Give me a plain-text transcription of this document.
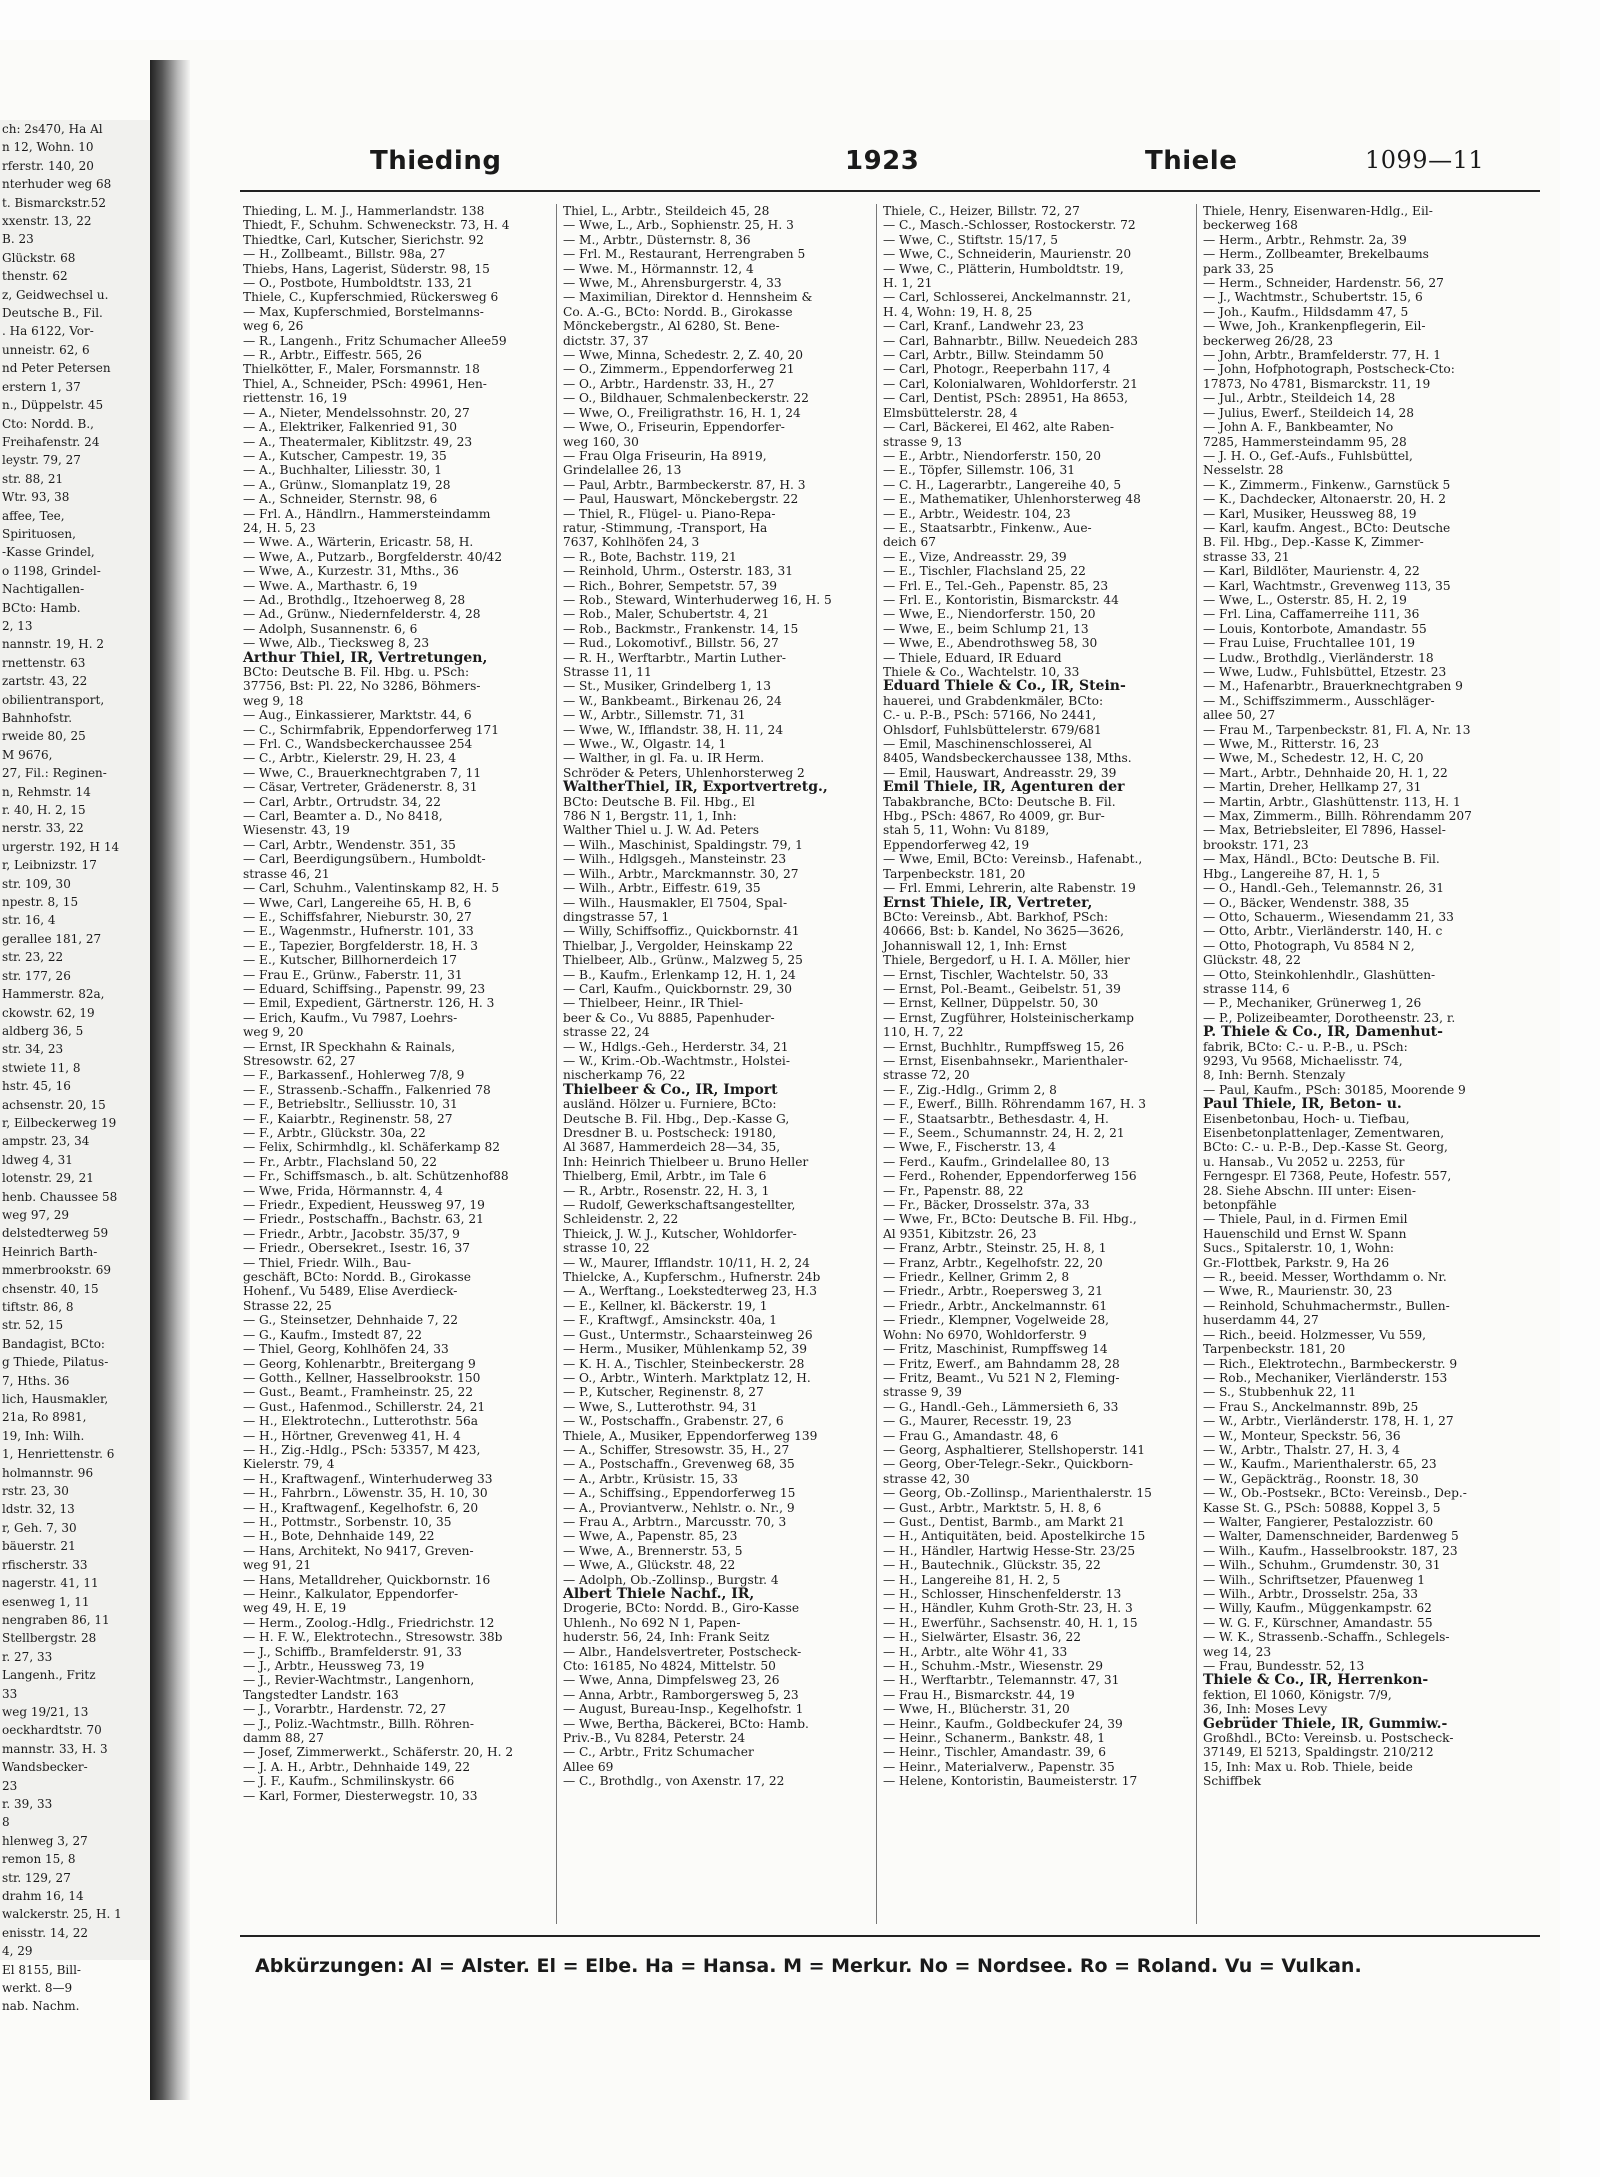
ch: 2s470, Ha Al
n 12, Wohn. 10
rferstr. 140, 20
nterhuder weg 68
t. Bismarckstr.52
xxenstr. 13, 22
B. 23
Glückstr. 68
thenstr. 62
z, Geidwechsel u.
Deutsche B., Fil.
. Ha 6122, Vor-
unneistr. 62, 6
nd Peter Petersen
erstern 1, 37
n., Düppelstr. 45
Cto: Nordd. B.,
Freihafenstr. 24
leystr. 79, 27
str. 88, 21
Wtr. 93, 38
affee, Tee,
Spirituosen,
-Kasse Grindel,
o 1198, Grindel-
Nachtigallen-
BCto: Hamb.
2, 13
nannstr. 19, H. 2
rnettenstr. 63
zartstr. 43, 22
obilientransport,
Bahnhofstr.
rweide 80, 25
M 9676,
27, Fil.: Reginen-
n, Rehmstr. 14
r. 40, H. 2, 15
nerstr. 33, 22
urgerstr. 192, H 14
r, Leibnizstr. 17
str. 109, 30
npestr. 8, 15
str. 16, 4
gerallee 181, 27
str. 23, 22
str. 177, 26
Hammerstr. 82a,
ckowstr. 62, 19
aldberg 36, 5
str. 34, 23
stwiete 11, 8
hstr. 45, 16
achsenstr. 20, 15
r, Eilbeckerweg 19
ampstr. 23, 34
ldweg 4, 31
lotenstr. 29, 21
henb. Chaussee 58
weg 97, 29
delstedterweg 59
Heinrich Barth-
mmerbrookstr. 69
chsenstr. 40, 15
tiftstr. 86, 8
str. 52, 15
Bandagist, BCto:
g Thiede, Pilatus-
7, Hths. 36
lich, Hausmakler,
21a, Ro 8981,
19, Inh: Wilh.
1, Henriettenstr. 6
holmannstr. 96
rstr. 23, 30
ldstr. 32, 13
r, Geh. 7, 30
bäuerstr. 21
rfischerstr. 33
nagerstr. 41, 11
esenweg 1, 11
nengraben 86, 11
Stellbergstr. 28
r. 27, 33
Langenh., Fritz
33
weg 19/21, 13
oeckhardtstr. 70
mannstr. 33, H. 3
Wandsbecker-
23
r. 39, 33
8
hlenweg 3, 27
remon 15, 8
str. 129, 27
drahm 16, 14
walckerstr. 25, H. 1
enisstr. 14, 22
4, 29
El 8155, Bill-
werkt. 8—9
nab. Nachm.
Thieding	1923	Thiele	1099—11
Thieding, L. M. J., Hammerlandstr. 138
Thiedt, F., Schuhm. Schweneckstr. 73, H. 4
Thiedtke, Carl, Kutscher, Sierichstr. 92
— H., Zollbeamt., Billstr. 98a, 27
Thiebs, Hans, Lagerist, Süderstr. 98, 15
— O., Postbote, Humboldtstr. 133, 21
Thiele, C., Kupferschmied, Rückersweg 6
— Max, Kupferschmied, Borstelmanns-
weg 6, 26
— R., Langenh., Fritz Schumacher Allee59
— R., Arbtr., Eiffestr. 565, 26
Thielkötter, F., Maler, Forsmannstr. 18
Thiel, A., Schneider, PSch: 49961, Hen-
riettenstr. 16, 19
— A., Nieter, Mendelssohnstr. 20, 27
— A., Elektriker, Falkenried 91, 30
— A., Theatermaler, Kiblitzstr. 49, 23
— A., Kutscher, Campestr. 19, 35
— A., Buchhalter, Liliesstr. 30, 1
— A., Grünw., Slomanplatz 19, 28
— A., Schneider, Sternstr. 98, 6
— Frl. A., Händlrn., Hammersteindamm
24, H. 5, 23
— Wwe. A., Wärterin, Ericastr. 58, H.
— Wwe, A., Putzarb., Borgfelderstr. 40/42
— Wwe, A., Kurzestr. 31, Mths., 36
— Wwe. A., Marthastr. 6, 19
— Ad., Brothdlg., Itzehoerweg 8, 28
— Ad., Grünw., Niedernfelderstr. 4, 28
— Adolph, Susannenstr. 6, 6
— Wwe, Alb., Tiecksweg 8, 23
Arthur Thiel, IR, Vertretungen,
BCto: Deutsche B. Fil. Hbg. u. PSch:
37756, Bst: Pl. 22, No 3286, Böhmers-
weg 9, 18
— Aug., Einkassierer, Marktstr. 44, 6
— C., Schirmfabrik, Eppendorferweg 171
— Frl. C., Wandsbeckerchaussee 254
— C., Arbtr., Kielerstr. 29, H. 23, 4
— Wwe, C., Brauerknechtgraben 7, 11
— Cäsar, Vertreter, Grädenerstr. 8, 31
— Carl, Arbtr., Ortrudstr. 34, 22
— Carl, Beamter a. D., No 8418,
Wiesenstr. 43, 19
— Carl, Arbtr., Wendenstr. 351, 35
— Carl, Beerdigungsübern., Humboldt-
strasse 46, 21
— Carl, Schuhm., Valentinskamp 82, H. 5
— Wwe, Carl, Langereihe 65, H. B, 6
— E., Schiffsfahrer, Nieburstr. 30, 27
— E., Wagenmstr., Hufnerstr. 101, 33
— E., Tapezier, Borgfelderstr. 18, H. 3
— E., Kutscher, Billhornerdeich 17
— Frau E., Grünw., Faberstr. 11, 31
— Eduard, Schiffsing., Papenstr. 99, 23
— Emil, Expedient, Gärtnerstr. 126, H. 3
— Erich, Kaufm., Vu 7987, Loehrs-
weg 9, 20
— Ernst, IR Speckhahn & Rainals,
Stresowstr. 62, 27
— F., Barkassenf., Hohlerweg 7/8, 9
— F., Strassenb.-Schaffn., Falkenried 78
— F., Betriebsltr., Selliusstr. 10, 31
— F., Kaiarbtr., Reginenstr. 58, 27
— F., Arbtr., Glückstr. 30a, 22
— Felix, Schirmhdlg., kl. Schäferkamp 82
— Fr., Arbtr., Flachsland 50, 22
— Fr., Schiffsmasch., b. alt. Schützenhof88
— Wwe, Frida, Hörmannstr. 4, 4
— Friedr., Expedient, Heussweg 97, 19
— Friedr., Postschaffn., Bachstr. 63, 21
— Friedr., Arbtr., Jacobstr. 35/37, 9
— Friedr., Obersekret., Isestr. 16, 37
— Thiel, Friedr. Wilh., Bau-
geschäft, BCto: Nordd. B., Girokasse
Hohenf., Vu 5489, Elise Averdieck-
Strasse 22, 25
— G., Steinsetzer, Dehnhaide 7, 22
— G., Kaufm., Imstedt 87, 22
— Thiel, Georg, Kohlhöfen 24, 33
— Georg, Kohlenarbtr., Breitergang 9
— Gotth., Kellner, Hasselbrookstr. 150
— Gust., Beamt., Framheinstr. 25, 22
— Gust., Hafenmod., Schillerstr. 24, 21
— H., Elektrotechn., Lutterothstr. 56a
— H., Hörtner, Grevenweg 41, H. 4
— H., Zig.-Hdlg., PSch: 53357, M 423,
Kielerstr. 79, 4
— H., Kraftwagenf., Winterhuderweg 33
— H., Fahrbrn., Löwenstr. 35, H. 10, 30
— H., Kraftwagenf., Kegelhofstr. 6, 20
— H., Pottmstr., Sorbenstr. 10, 35
— H., Bote, Dehnhaide 149, 22
— Hans, Architekt, No 9417, Greven-
weg 91, 21
— Hans, Metalldreher, Quickbornstr. 16
— Heinr., Kalkulator, Eppendorfer-
weg 49, H. E, 19
— Herm., Zoolog.-Hdlg., Friedrichstr. 12
— H. F. W., Elektrotechn., Stresowstr. 38b
— J., Schiffb., Bramfelderstr. 91, 33
— J., Arbtr., Heussweg 73, 19
— J., Revier-Wachtmstr., Langenhorn,
Tangstedter Landstr. 163
— J., Vorarbtr., Hardenstr. 72, 27
— J., Poliz.-Wachtmstr., Billh. Röhren-
damm 88, 27
— Josef, Zimmerwerkt., Schäferstr. 20, H. 2
— J. A. H., Arbtr., Dehnhaide 149, 22
— J. F., Kaufm., Schmilinskystr. 66
— Karl, Former, Diesterwegstr. 10, 33
Thiel, L., Arbtr., Steildeich 45, 28
— Wwe, L., Arb., Sophienstr. 25, H. 3
— M., Arbtr., Düsternstr. 8, 36
— Frl. M., Restaurant, Herrengraben 5
— Wwe. M., Hörmannstr. 12, 4
— Wwe, M., Ahrensburgerstr. 4, 33
— Maximilian, Direktor d. Hennsheim &
Co. A.-G., BCto: Nordd. B., Girokasse
Mönckebergstr., Al 6280, St. Bene-
dictstr. 37, 37
— Wwe, Minna, Schedestr. 2, Z. 40, 20
— O., Zimmerm., Eppendorferweg 21
— O., Arbtr., Hardenstr. 33, H., 27
— O., Bildhauer, Schmalenbeckerstr. 22
— Wwe, O., Freiligrathstr. 16, H. 1, 24
— Wwe, O., Friseurin, Eppendorfer-
weg 160, 30
— Frau Olga Friseurin, Ha 8919,
Grindelallee 26, 13
— Paul, Arbtr., Barmbeckerstr. 87, H. 3
— Paul, Hauswart, Mönckebergstr. 22
— Thiel, R., Flügel- u. Piano-Repa-
ratur, -Stimmung, -Transport, Ha
7637, Kohlhöfen 24, 3
— R., Bote, Bachstr. 119, 21
— Reinhold, Uhrm., Osterstr. 183, 31
— Rich., Bohrer, Sempetstr. 57, 39
— Rob., Steward, Winterhuderweg 16, H. 5
— Rob., Maler, Schubertstr. 4, 21
— Rob., Backmstr., Frankenstr. 14, 15
— Rud., Lokomotivf., Billstr. 56, 27
— R. H., Werftarbtr., Martin Luther-
Strasse 11, 11
— St., Musiker, Grindelberg 1, 13
— W., Bankbeamt., Birkenau 26, 24
— W., Arbtr., Sillemstr. 71, 31
— Wwe, W., Ifflandstr. 38, H. 11, 24
— Wwe., W., Olgastr. 14, 1
— Walther, in gl. Fa. u. IR Herm.
Schröder & Peters, Uhlenhorsterweg 2
WaltherThiel, IR, Exportvertretg.,
BCto: Deutsche B. Fil. Hbg., El
786 N 1, Bergstr. 11, 1, Inh:
Walther Thiel u. J. W. Ad. Peters
— Wilh., Maschinist, Spaldingstr. 79, 1
— Wilh., Hdlgsgeh., Mansteinstr. 23
— Wilh., Arbtr., Marckmannstr. 30, 27
— Wilh., Arbtr., Eiffestr. 619, 35
— Wilh., Hausmakler, El 7504, Spal-
dingstrasse 57, 1
— Willy, Schiffsoffiz., Quickbornstr. 41
Thielbar, J., Vergolder, Heinskamp 22
Thielbeer, Alb., Grünw., Malzweg 5, 25
— B., Kaufm., Erlenkamp 12, H. 1, 24
— Carl, Kaufm., Quickbornstr. 29, 30
— Thielbeer, Heinr., IR Thiel-
beer & Co., Vu 8885, Papenhuder-
strasse 22, 24
— W., Hdlgs.-Geh., Herderstr. 34, 21
— W., Krim.-Ob.-Wachtmstr., Holstei-
nischerkamp 76, 22
Thielbeer & Co., IR, Import
ausländ. Hölzer u. Furniere, BCto:
Deutsche B. Fil. Hbg., Dep.-Kasse G,
Dresdner B. u. Postscheck: 19180,
Al 3687, Hammerdeich 28—34, 35,
Inh: Heinrich Thielbeer u. Bruno Heller
Thielberg, Emil, Arbtr., im Tale 6
— R., Arbtr., Rosenstr. 22, H. 3, 1
— Rudolf, Gewerkschaftsangestellter,
Schleidenstr. 2, 22
Thieick, J. W. J., Kutscher, Wohldorfer-
strasse 10, 22
— W., Maurer, Ifflandstr. 10/11, H. 2, 24
Thielcke, A., Kupferschm., Hufnerstr. 24b
— A., Werftang., Loekstedterweg 23, H.3
— E., Kellner, kl. Bäckerstr. 19, 1
— F., Kraftwgf., Amsinckstr. 40a, 1
— Gust., Untermstr., Schaarsteinweg 26
— Herm., Musiker, Mühlenkamp 52, 39
— K. H. A., Tischler, Steinbeckerstr. 28
— O., Arbtr., Winterh. Marktplatz 12, H.
— P., Kutscher, Reginenstr. 8, 27
— Wwe, S., Lutterothstr. 94, 31
— W., Postschaffn., Grabenstr. 27, 6
Thiele, A., Musiker, Eppendorferweg 139
— A., Schiffer, Stresowstr. 35, H., 27
— A., Postschaffn., Grevenweg 68, 35
— A., Arbtr., Krüsistr. 15, 33
— A., Schiffsing., Eppendorferweg 15
— A., Proviantverw., Nehlstr. o. Nr., 9
— Frau A., Arbtrn., Marcusstr. 70, 3
— Wwe, A., Papenstr. 85, 23
— Wwe, A., Brennerstr. 53, 5
— Wwe, A., Glückstr. 48, 22
— Adolph, Ob.-Zollinsp., Burgstr. 4
Albert Thiele Nachf., IR,
Drogerie, BCto: Nordd. B., Giro-Kasse
Uhlenh., No 692 N 1, Papen-
huderstr. 56, 24, Inh: Frank Seitz
— Albr., Handelsvertreter, Postscheck-
Cto: 16185, No 4824, Mittelstr. 50
— Wwe, Anna, Dimpfelsweg 23, 26
— Anna, Arbtr., Ramborgersweg 5, 23
— August, Bureau-Insp., Kegelhofstr. 1
— Wwe, Bertha, Bäckerei, BCto: Hamb.
Priv.-B., Vu 8284, Peterstr. 24
— C., Arbtr., Fritz Schumacher
Allee 69
— C., Brothdlg., von Axenstr. 17, 22
Thiele, C., Heizer, Billstr. 72, 27
— C., Masch.-Schlosser, Rostockerstr. 72
— Wwe, C., Stiftstr. 15/17, 5
— Wwe, C., Schneiderin, Maurienstr. 20
— Wwe, C., Plätterin, Humboldtstr. 19,
H. 1, 21
— Carl, Schlosserei, Anckelmannstr. 21,
H. 4, Wohn: 19, H. 8, 25
— Carl, Kranf., Landwehr 23, 23
— Carl, Bahnarbtr., Billw. Neuedeich 283
— Carl, Arbtr., Billw. Steindamm 50
— Carl, Photogr., Reeperbahn 117, 4
— Carl, Kolonialwaren, Wohldorferstr. 21
— Carl, Dentist, PSch: 28951, Ha 8653,
Elmsbüttelerstr. 28, 4
— Carl, Bäckerei, El 462, alte Raben-
strasse 9, 13
— E., Arbtr., Niendorferstr. 150, 20
— E., Töpfer, Sillemstr. 106, 31
— C. H., Lagerarbtr., Langereihe 40, 5
— E., Mathematiker, Uhlenhorsterweg 48
— E., Arbtr., Weidestr. 104, 23
— E., Staatsarbtr., Finkenw., Aue-
deich 67
— E., Vize, Andreasstr. 29, 39
— E., Tischler, Flachsland 25, 22
— Frl. E., Tel.-Geh., Papenstr. 85, 23
— Frl. E., Kontoristin, Bismarckstr. 44
— Wwe, E., Niendorferstr. 150, 20
— Wwe, E., beim Schlump 21, 13
— Wwe, E., Abendrothsweg 58, 30
— Thiele, Eduard, IR Eduard
Thiele & Co., Wachtelstr. 10, 33
Eduard Thiele & Co., IR, Stein-
hauerei, und Grabdenkmäler, BCto:
C.- u. P.-B., PSch: 57166, No 2441,
Ohlsdorf, Fuhlsbüttelerstr. 679/681
— Emil, Maschinenschlosserei, Al
8405, Wandsbeckerchaussee 138, Mths.
— Emil, Hauswart, Andreasstr. 29, 39
Emil Thiele, IR, Agenturen der
Tabakbranche, BCto: Deutsche B. Fil.
Hbg., PSch: 4867, Ro 4009, gr. Bur-
stah 5, 11, Wohn: Vu 8189,
Eppendorferweg 42, 19
— Wwe, Emil, BCto: Vereinsb., Hafenabt.,
Tarpenbeckstr. 181, 20
— Frl. Emmi, Lehrerin, alte Rabenstr. 19
Ernst Thiele, IR, Vertreter,
BCto: Vereinsb., Abt. Barkhof, PSch:
40666, Bst: b. Kandel, No 3625—3626,
Johanniswall 12, 1, Inh: Ernst
Thiele, Bergedorf, u H. I. A. Möller, hier
— Ernst, Tischler, Wachtelstr. 50, 33
— Ernst, Pol.-Beamt., Geibelstr. 51, 39
— Ernst, Kellner, Düppelstr. 50, 30
— Ernst, Zugführer, Holsteinischerkamp
110, H. 7, 22
— Ernst, Buchhltr., Rumpffsweg 15, 26
— Ernst, Eisenbahnsekr., Marienthaler-
strasse 72, 20
— F., Zig.-Hdlg., Grimm 2, 8
— F., Ewerf., Billh. Röhrendamm 167, H. 3
— F., Staatsarbtr., Bethesdastr. 4, H.
— F., Seem., Schumannstr. 24, H. 2, 21
— Wwe, F., Fischerstr. 13, 4
— Ferd., Kaufm., Grindelallee 80, 13
— Ferd., Rohender, Eppendorferweg 156
— Fr., Papenstr. 88, 22
— Fr., Bäcker, Drosselstr. 37a, 33
— Wwe, Fr., BCto: Deutsche B. Fil. Hbg.,
Al 9351, Kibitzstr. 26, 23
— Franz, Arbtr., Steinstr. 25, H. 8, 1
— Franz, Arbtr., Kegelhofstr. 22, 20
— Friedr., Kellner, Grimm 2, 8
— Friedr., Arbtr., Roepersweg 3, 21
— Friedr., Arbtr., Anckelmannstr. 61
— Friedr., Klempner, Vogelweide 28,
Wohn: No 6970, Wohldorferstr. 9
— Fritz, Maschinist, Rumpffsweg 14
— Fritz, Ewerf., am Bahndamm 28, 28
— Fritz, Beamt., Vu 521 N 2, Fleming-
strasse 9, 39
— G., Handl.-Geh., Lämmersieth 6, 33
— G., Maurer, Recesstr. 19, 23
— Frau G., Amandastr. 48, 6
— Georg, Asphaltierer, Stellshoperstr. 141
— Georg, Ober-Telegr.-Sekr., Quickborn-
strasse 42, 30
— Georg, Ob.-Zollinsp., Marienthalerstr. 15
— Gust., Arbtr., Marktstr. 5, H. 8, 6
— Gust., Dentist, Barmb., am Markt 21
— H., Antiquitäten, beid. Apostelkirche 15
— H., Händler, Hartwig Hesse-Str. 23/25
— H., Bautechnik., Glückstr. 35, 22
— H., Langereihe 81, H. 2, 5
— H., Schlosser, Hinschenfelderstr. 13
— H., Händler, Kuhm Groth-Str. 23, H. 3
— H., Ewerführ., Sachsenstr. 40, H. 1, 15
— H., Sielwärter, Elsastr. 36, 22
— H., Arbtr., alte Wöhr 41, 33
— H., Schuhm.-Mstr., Wiesenstr. 29
— H., Werftarbtr., Telemannstr. 47, 31
— Frau H., Bismarckstr. 44, 19
— Wwe, H., Blücherstr. 31, 20
— Heinr., Kaufm., Goldbeckufer 24, 39
— Heinr., Schanerm., Bankstr. 48, 1
— Heinr., Tischler, Amandastr. 39, 6
— Heinr., Materialverw., Papenstr. 35
— Helene, Kontoristin, Baumeisterstr. 17
Thiele, Henry, Eisenwaren-Hdlg., Eil-
beckerweg 168
— Herm., Arbtr., Rehmstr. 2a, 39
— Herm., Zollbeamter, Brekelbaums
park 33, 25
— Herm., Schneider, Hardenstr. 56, 27
— J., Wachtmstr., Schubertstr. 15, 6
— Joh., Kaufm., Hildsdamm 47, 5
— Wwe, Joh., Krankenpflegerin, Eil-
beckerweg 26/28, 23
— John, Arbtr., Bramfelderstr. 77, H. 1
— John, Hofphotograph, Postscheck-Cto:
17873, No 4781, Bismarckstr. 11, 19
— Jul., Arbtr., Steildeich 14, 28
— Julius, Ewerf., Steildeich 14, 28
— John A. F., Bankbeamter, No
7285, Hammersteindamm 95, 28
— J. H. O., Gef.-Aufs., Fuhlsbüttel,
Nesselstr. 28
— K., Zimmerm., Finkenw., Garnstück 5
— K., Dachdecker, Altonaerstr. 20, H. 2
— Karl, Musiker, Heussweg 88, 19
— Karl, kaufm. Angest., BCto: Deutsche
B. Fil. Hbg., Dep.-Kasse K, Zimmer-
strasse 33, 21
— Karl, Bildlöter, Maurienstr. 4, 22
— Karl, Wachtmstr., Grevenweg 113, 35
— Wwe, L., Osterstr. 85, H. 2, 19
— Frl. Lina, Caffamerreihe 111, 36
— Louis, Kontorbote, Amandastr. 55
— Frau Luise, Fruchtallee 101, 19
— Ludw., Brothdlg., Vierländerstr. 18
— Wwe, Ludw., Fuhlsbüttel, Etzestr. 23
— M., Hafenarbtr., Brauerknechtgraben 9
— M., Schiffszimmerm., Ausschläger-
allee 50, 27
— Frau M., Tarpenbeckstr. 81, Fl. A, Nr. 13
— Wwe, M., Ritterstr. 16, 23
— Wwe, M., Schedestr. 12, H. C, 20
— Mart., Arbtr., Dehnhaide 20, H. 1, 22
— Martin, Dreher, Hellkamp 27, 31
— Martin, Arbtr., Glashüttenstr. 113, H. 1
— Max, Zimmerm., Billh. Röhrendamm 207
— Max, Betriebsleiter, El 7896, Hassel-
brookstr. 171, 23
— Max, Händl., BCto: Deutsche B. Fil.
Hbg., Langereihe 87, H. 1, 5
— O., Handl.-Geh., Telemannstr. 26, 31
— O., Bäcker, Wendenstr. 388, 35
— Otto, Schauerm., Wiesendamm 21, 33
— Otto, Arbtr., Vierländerstr. 140, H. c
— Otto, Photograph, Vu 8584 N 2,
Glückstr. 48, 22
— Otto, Steinkohlenhdlr., Glashütten-
strasse 114, 6
— P., Mechaniker, Grünerweg 1, 26
— P., Polizeibeamter, Dorotheenstr. 23, r.
P. Thiele & Co., IR, Damenhut-
fabrik, BCto: C.- u. P.-B., u. PSch:
9293, Vu 9568, Michaelisstr. 74,
8, Inh: Bernh. Stenzaly
— Paul, Kaufm., PSch: 30185, Moorende 9
Paul Thiele, IR, Beton- u.
Eisenbetonbau, Hoch- u. Tiefbau,
Eisenbetonplattenlager, Zementwaren,
BCto: C.- u. P.-B., Dep.-Kasse St. Georg,
u. Hansab., Vu 2052 u. 2253, für
Ferngespr. El 7368, Peute, Hofestr. 557,
28. Siehe Abschn. III unter: Eisen-
betonpfähle
— Thiele, Paul, in d. Firmen Emil
Hauenschild und Ernst W. Spann
Sucs., Spitalerstr. 10, 1, Wohn:
Gr.-Flottbek, Parkstr. 9, Ha 26
— R., beeid. Messer, Worthdamm o. Nr.
— Wwe, R., Maurienstr. 30, 23
— Reinhold, Schuhmachermstr., Bullen-
huserdamm 44, 27
— Rich., beeid. Holzmesser, Vu 559,
Tarpenbeckstr. 181, 20
— Rich., Elektrotechn., Barmbeckerstr. 9
— Rob., Mechaniker, Vierländerstr. 153
— S., Stubbenhuk 22, 11
— Frau S., Anckelmannstr. 89b, 25
— W., Arbtr., Vierländerstr. 178, H. 1, 27
— W., Monteur, Speckstr. 56, 36
— W., Arbtr., Thalstr. 27, H. 3, 4
— W., Kaufm., Marienthalerstr. 65, 23
— W., Gepäckträg., Roonstr. 18, 30
— W., Ob.-Postsekr., BCto: Vereinsb., Dep.-
Kasse St. G., PSch: 50888, Koppel 3, 5
— Walter, Fangierer, Pestalozzistr. 60
— Walter, Damenschneider, Bardenweg 5
— Wilh., Kaufm., Hasselbrookstr. 187, 23
— Wilh., Schuhm., Grumdenstr. 30, 31
— Wilh., Schriftsetzer, Pfauenweg 1
— Wilh., Arbtr., Drosselstr. 25a, 33
— Willy, Kaufm., Müggenkampstr. 62
— W. G. F., Kürschner, Amandastr. 55
— W. K., Strassenb.-Schaffn., Schlegels-
weg 14, 23
— Frau, Bundesstr. 52, 13
Thiele & Co., IR, Herrenkon-
fektion, El 1060, Königstr. 7/9,
36, Inh: Moses Levy
Gebrüder Thiele, IR, Gummiw.-
Großhdl., BCto: Vereinsb. u. Postscheck-
37149, El 5213, Spaldingstr. 210/212
15, Inh: Max u. Rob. Thiele, beide
Schiffbek
Abkürzungen: Al = Alster. El = Elbe. Ha = Hansa. M = Merkur. No = Nordsee. Ro = Roland. Vu = Vulkan.
